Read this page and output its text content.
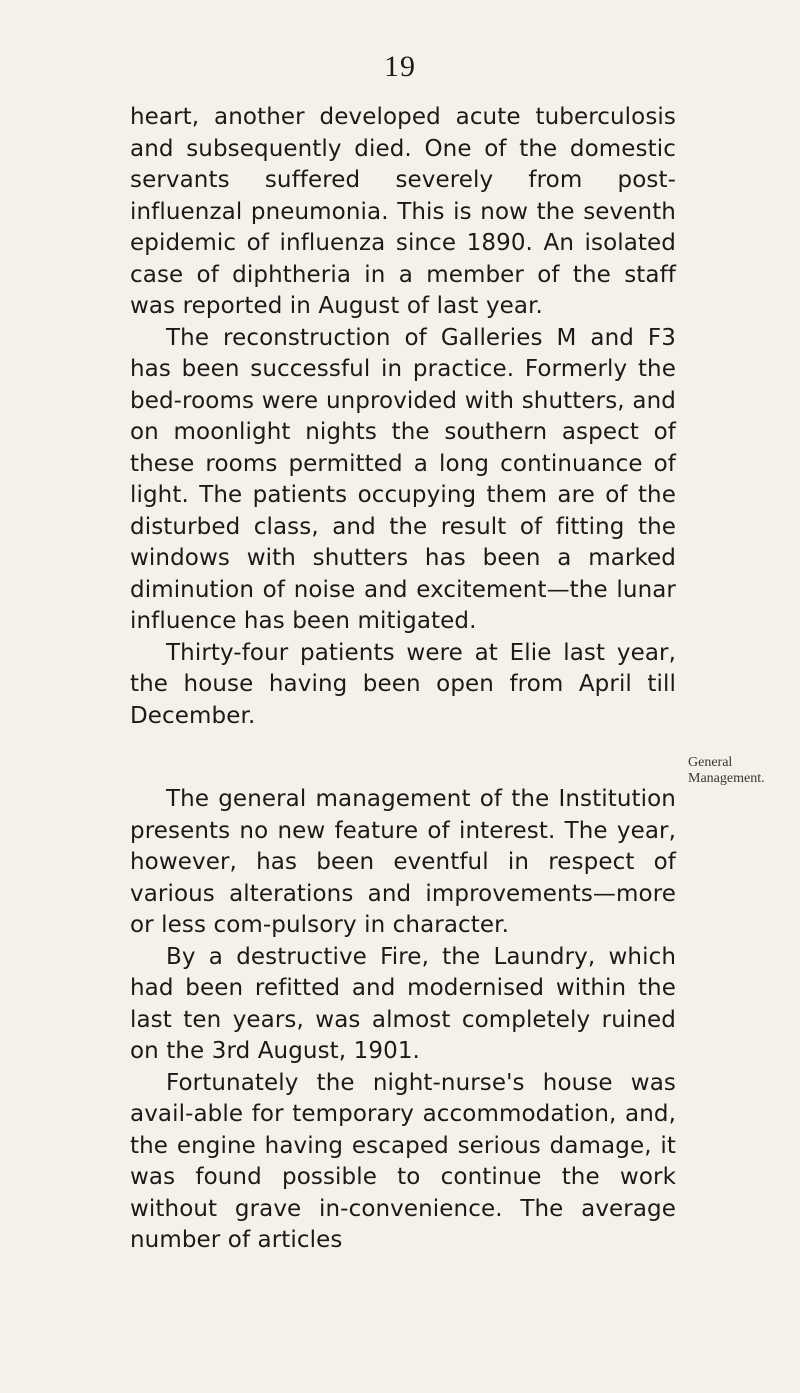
19

heart, another developed acute tuberculosis and subsequently died. One of the domestic servants suffered severely from post-influenzal pneumonia. This is now the seventh epidemic of influenza since 1890. An isolated case of diphtheria in a member of the staff was reported in August of last year.

The reconstruction of Galleries M and F3 has been successful in practice. Formerly the bed-rooms were unprovided with shutters, and on moonlight nights the southern aspect of these rooms permitted a long continuance of light. The patients occupying them are of the disturbed class, and the result of fitting the windows with shutters has been a marked diminution of noise and excitement—the lunar influence has been mitigated.

Thirty-four patients were at Elie last year, the house having been open from April till December.

The general management of the Institution presents no new feature of interest. The year, however, has been eventful in respect of various alterations and improvements—more or less com-pulsory in character.

By a destructive Fire, the Laundry, which had been refitted and modernised within the last ten years, was almost completely ruined on the 3rd August, 1901.

Fortunately the night-nurse's house was avail-able for temporary accommodation, and, the engine having escaped serious damage, it was found possible to continue the work without grave in-convenience. The average number of articles

General
Management.
